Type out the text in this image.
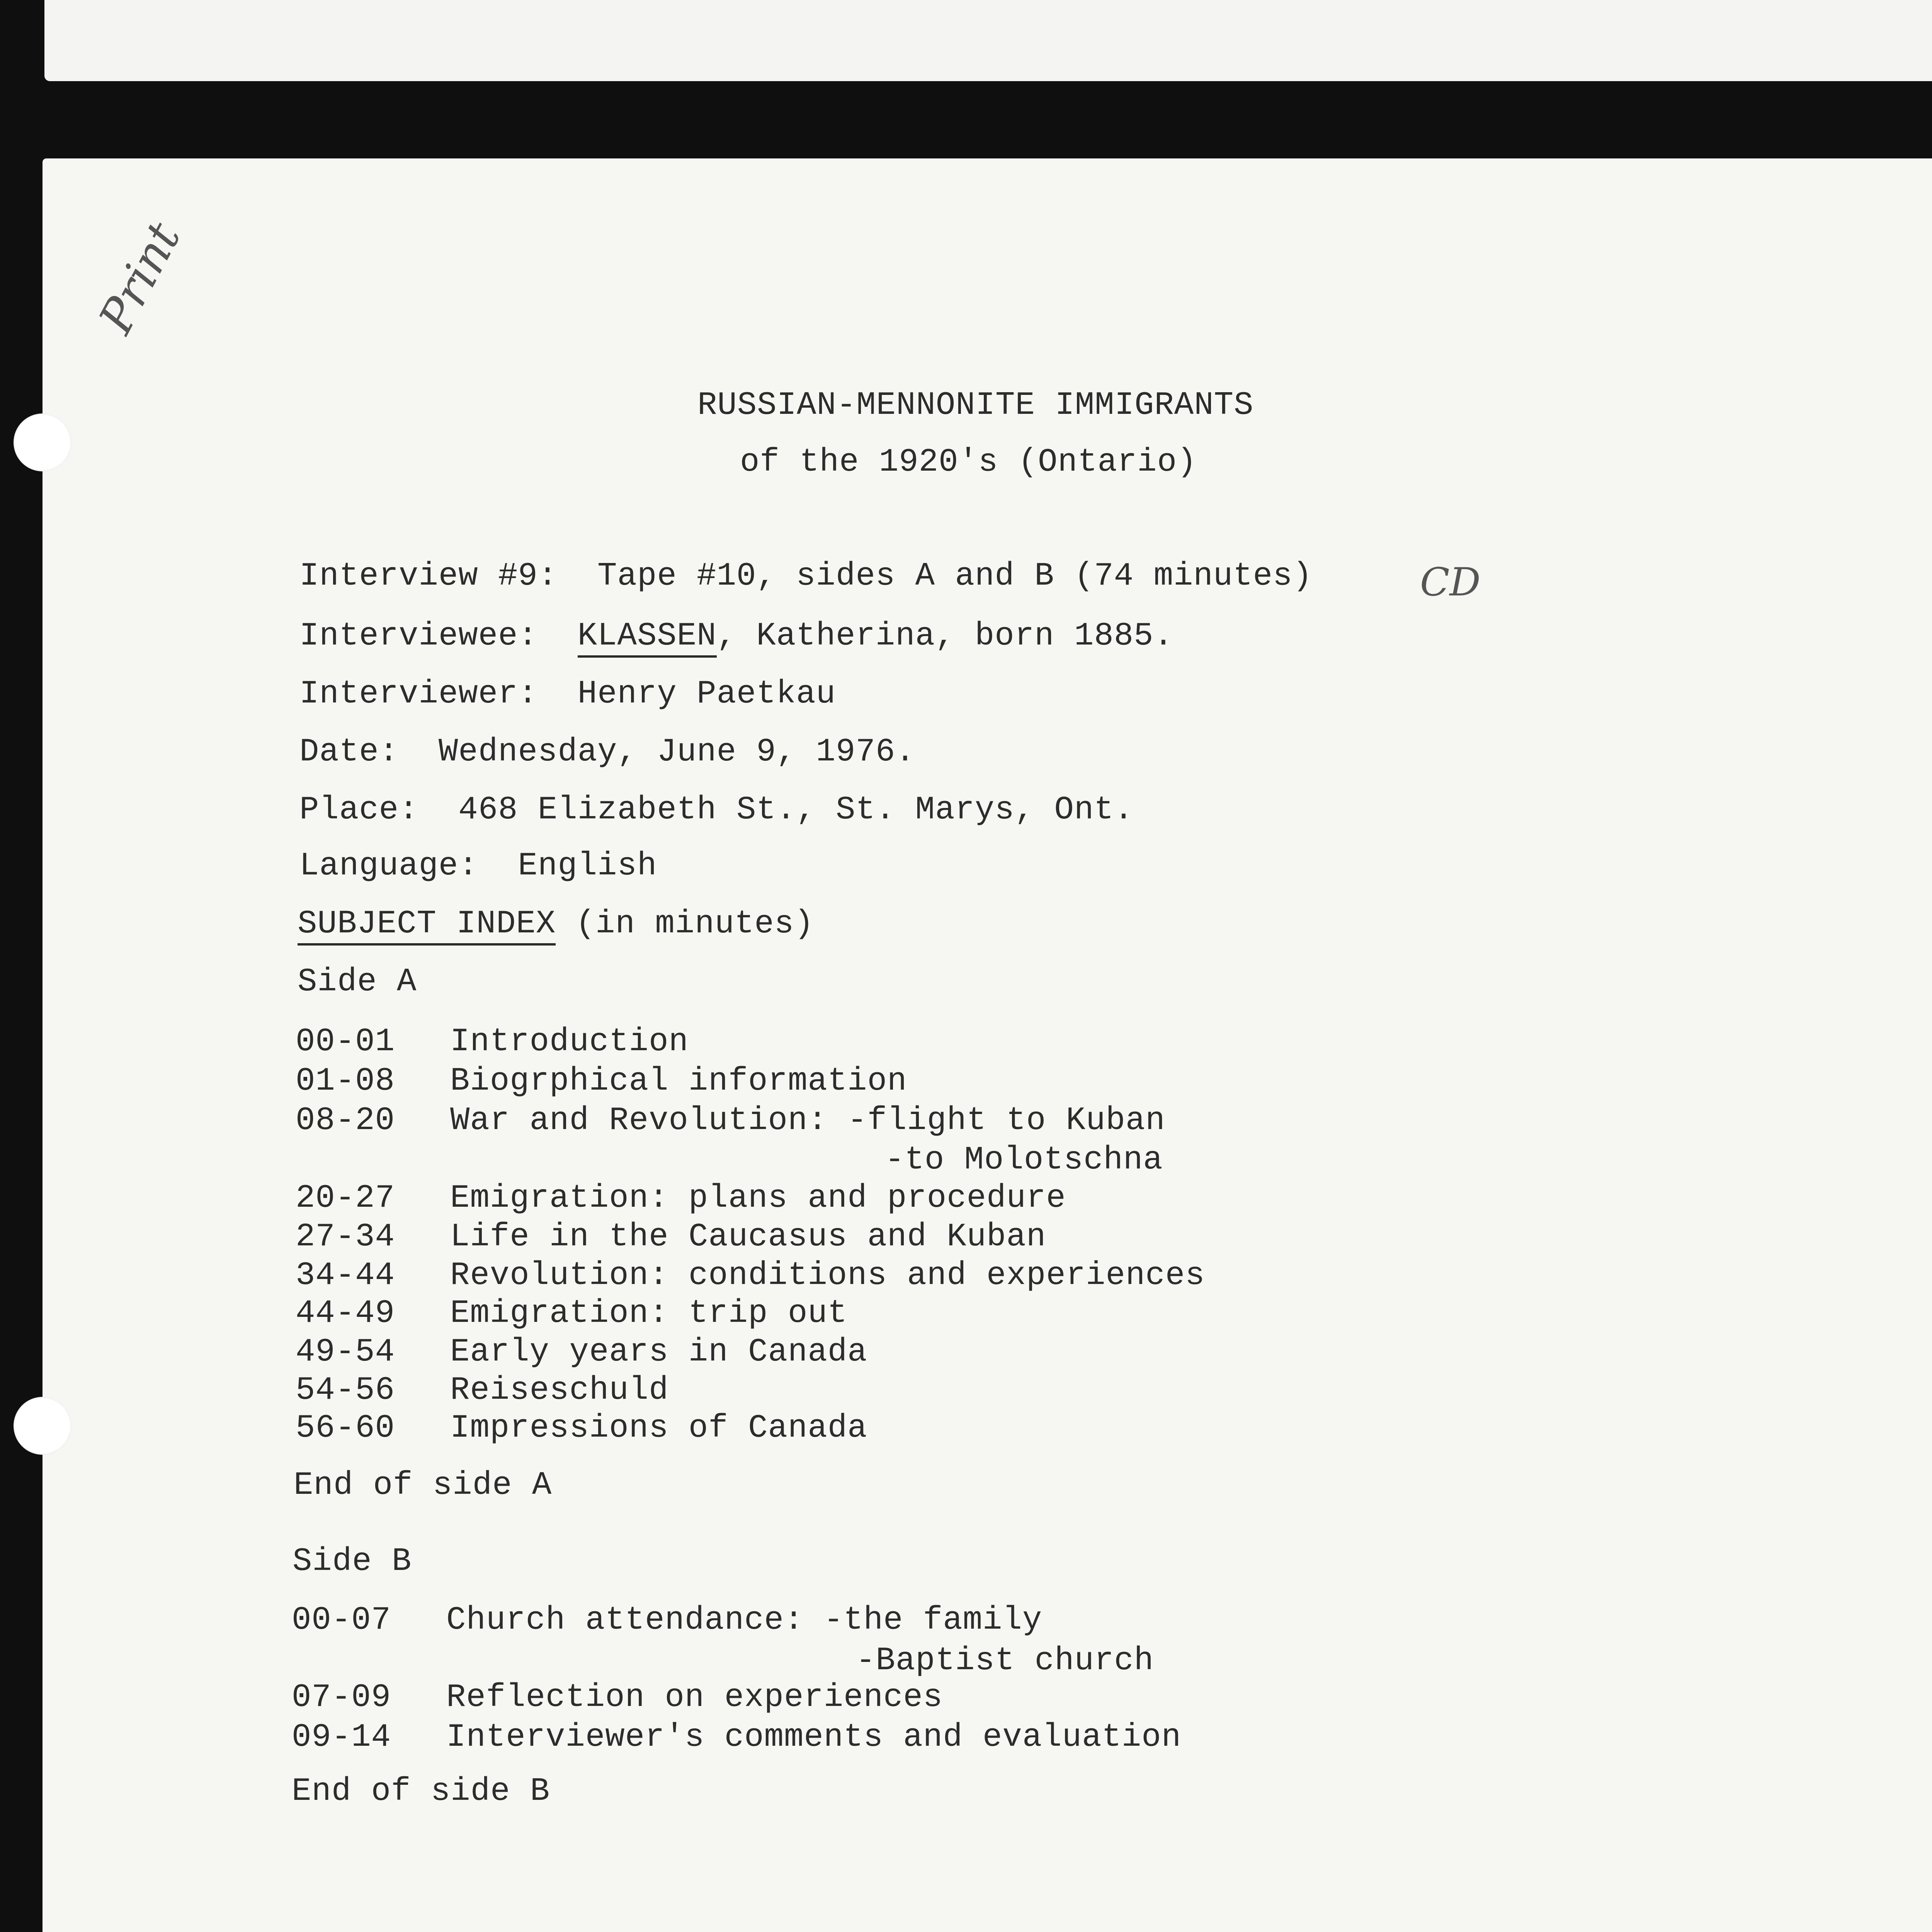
Print
RUSSIAN-MENNONITE IMMIGRANTS
of the 1920's (Ontario)
Interview #9: Tape #10, sides A and B (74 minutes)	CD
Interviewee: KLASSEN, Katherina, born 1885.
Interviewer: Henry Paetkau
Date: Wednesday, June 9, 1976.
Place: 468 Elizabeth St., St. Marys, Ont.
Language: English
SUBJECT INDEX (in minutes)
Side A
00-01 Introduction
01-08 Biogrphical information
08-20 War and Revolution: -flight to Kuban
-to Molotschna
20-27 Emigration: plans and procedure
27-34 Life in the Caucasus and Kuban
34-44 Revolution: conditions and experiences
44-49 Emigration: trip out
49-54 Early years in Canada
54-56 Reiseschuld
56-60 Impressions of Canada
End of side A
Side B
00-07 Church attendance: -the family
-Baptist church
07-09 Reflection on experiences
09-14 Interviewer's comments and evaluation
End of side B
